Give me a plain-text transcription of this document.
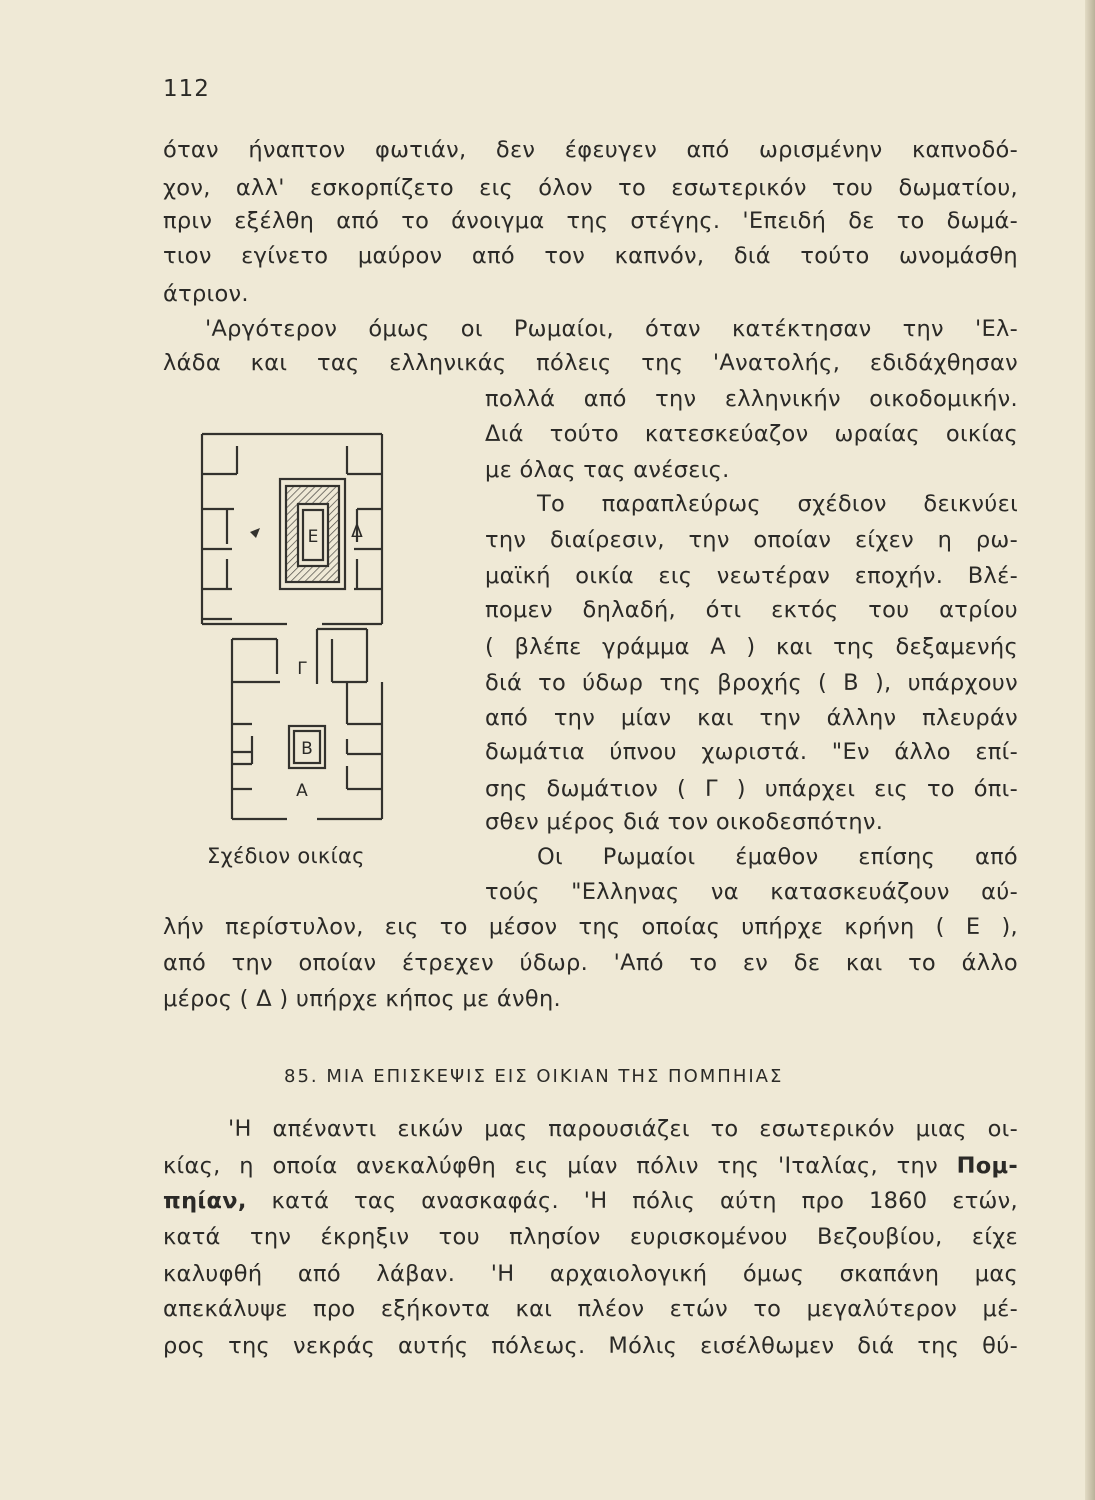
112
όταν ήναπτον φωτιάν, δεν έφευγεν από ωρισμένην καπνοδό-
χον, αλλ' εσκορπίζετο εις όλον το εσωτερικόν του δωματίου,
πριν εξέλθη από το άνοιγμα της στέγης. 'Επειδή δε το δωμά-
τιον εγίνετο μαύρον από τον καπνόν, διά τούτο ωνομάσθη
άτριον.
'Αργότερον όμως οι Ρωμαίοι, όταν κατέκτησαν την 'Ελ-
λάδα και τας ελληνικάς πόλεις της 'Ανατολής, εδιδάχθησαν
πολλά από την ελληνικήν οικοδομικήν.
Διά τούτο κατεσκεύαζον ωραίας οικίας
με όλας τας ανέσεις.
Το παραπλεύρως σχέδιον δεικνύει
την διαίρεσιν, την οποίαν είχεν η ρω-
μαϊκή οικία εις νεωτέραν εποχήν. Βλέ-
πομεν δηλαδή, ότι εκτός του ατρίου
( βλέπε γράμμα Α ) και της δεξαμενής
διά το ύδωρ της βροχής ( Β ), υπάρχουν
από την μίαν και την άλλην πλευράν
δωμάτια ύπνου χωριστά. "Εν άλλο επί-
σης δωμάτιον ( Γ ) υπάρχει εις το όπι-
σθεν μέρος διά τον οικοδεσπότην.
Οι Ρωμαίοι έμαθον επίσης από
τούς "Ελληνας να κατασκευάζουν αύ-
λήν περίστυλον, εις το μέσον της οποίας υπήρχε κρήνη ( Ε ),
από την οποίαν έτρεχεν ύδωρ. 'Από το εν δε και το άλλο
μέρος ( Δ ) υπήρχε κήπος με άνθη.
Ε Δ
Γ
Β
Α
Σχέδιον οικίας
85. ΜΙΑ ΕΠΙΣΚΕΨΙΣ ΕΙΣ ΟΙΚΙΑΝ ΤΗΣ ΠΟΜΠΗΙΑΣ
'Η απέναντι εικών μας παρουσιάζει το εσωτερικόν μιας οι-
κίας, η οποία ανεκαλύφθη εις μίαν πόλιν της 'Ιταλίας, την Πομ-
πηίαν, κατά τας ανασκαφάς. 'Η πόλις αύτη προ 1860 ετών,
κατά την έκρηξιν του πλησίον ευρισκομένου Βεζουβίου, είχε
καλυφθή από λάβαν. 'Η αρχαιολογική όμως σκαπάνη μας
απεκάλυψε προ εξήκοντα και πλέον ετών το μεγαλύτερον μέ-
ρος της νεκράς αυτής πόλεως. Μόλις εισέλθωμεν διά της θύ-
